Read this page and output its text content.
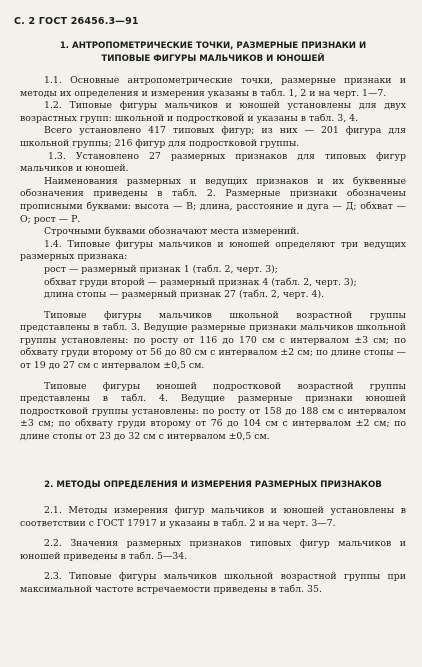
С. 2 ГОСТ 26456.3—91
1. АНТРОПОМЕТРИЧЕСКИЕ ТОЧКИ, РАЗМЕРНЫЕ ПРИЗНАКИ И
ТИПОВЫЕ ФИГУРЫ МАЛЬЧИКОВ И ЮНОШЕЙ

1.1. Основные антропометрические точки, размерные признаки и методы их определения и измерения указаны в табл. 1, 2 и на черт. 1—7.

1.2. Типовые фигуры мальчиков и юношей установлены для двух возрастных групп: школьной и подростковой и указаны в табл. 3, 4.

Всего установлено 417 типовых фигур; из них — 201 фигура для школьной группы; 216 фигур для подростковой группы.

1.3. Установлено 27 размерных признаков для типовых фигур мальчиков и юношей.

Наименования размерных и ведущих признаков и их буквенные обозначения приведены в табл. 2. Размерные признаки обозначены прописными буквами: высота — В; длина, расстояние и дуга — Д; обхват — О; рост — Р.

Строчными буквами обозначают места измерений.

1.4. Типовые фигуры мальчиков и юношей определяют три ведущих размерных признака:

рост — размерный признак 1 (табл. 2, черт. 3);

обхват груди второй — размерный признак 4 (табл. 2, черт. 3);

длина стопы — размерный признак 27 (табл. 2, черт. 4).

Типовые фигуры мальчиков школьной возрастной группы представлены в табл. 3. Ведущие размерные признаки мальчиков школьной группы установлены: по росту от 116 до 170 см с интервалом ±3 см; по обхвату груди второму от 56 до 80 см с интервалом ±2 см; по длине стопы — от 19 до 27 см с интервалом ±0,5 см.

Типовые фигуры юношей подростковой возрастной группы представлены в табл. 4. Ведущие размерные признаки юношей подростковой группы установлены: по росту от 158 до 188 см с интервалом ±3 см; по обхвату груди второму от 76 до 104 см с интервалом ±2 см; по длине стопы от 23 до 32 см с интервалом ±0,5 см.

2. МЕТОДЫ ОПРЕДЕЛЕНИЯ И ИЗМЕРЕНИЯ РАЗМЕРНЫХ ПРИЗНАКОВ

2.1. Методы измерения фигур мальчиков и юношей установлены в соответствии с ГОСТ 17917 и указаны в табл. 2 и на черт. 3—7.

2.2. Значения размерных признаков типовых фигур мальчиков и юношей приведены в табл. 5—34.

2.3. Типовые фигуры мальчиков школьной возрастной группы при максимальной частоте встречаемости приведены в табл. 35.
